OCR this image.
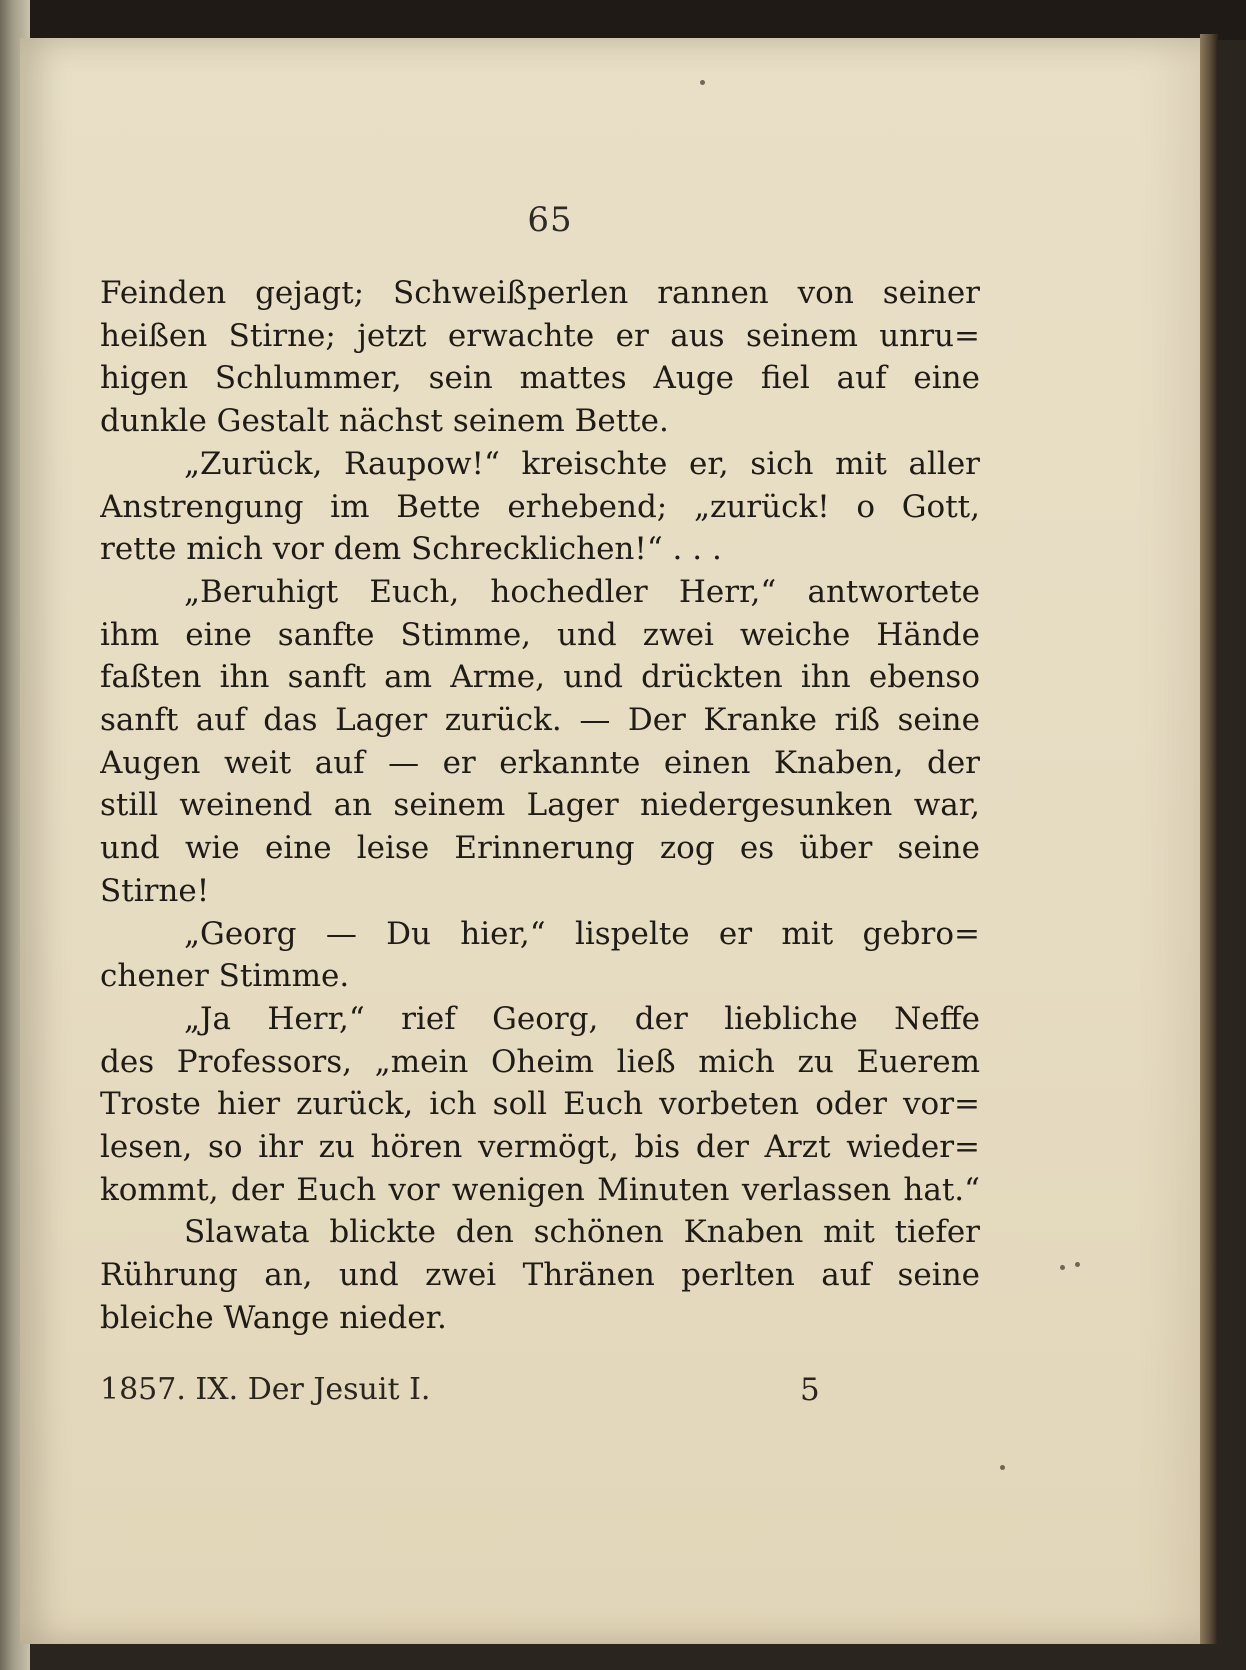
65
Feinden gejagt; Schweißperlen rannen von seiner
heißen Stirne; jetzt erwachte er aus seinem unru=
higen Schlummer, sein mattes Auge fiel auf eine
dunkle Gestalt nächst seinem Bette.
„Zurück, Raupow!“ kreischte er, sich mit aller
Anstrengung im Bette erhebend; „zurück! o Gott,
rette mich vor dem Schrecklichen!“ . . .
„Beruhigt Euch, hochedler Herr,“ antwortete
ihm eine sanfte Stimme, und zwei weiche Hände
faßten ihn sanft am Arme, und drückten ihn ebenso
sanft auf das Lager zurück. — Der Kranke riß seine
Augen weit auf — er erkannte einen Knaben, der
still weinend an seinem Lager niedergesunken war,
und wie eine leise Erinnerung zog es über seine
Stirne!
„Georg — Du hier,“ lispelte er mit gebro=
chener Stimme.
„Ja Herr,“ rief Georg, der liebliche Neffe
des Professors, „mein Oheim ließ mich zu Euerem
Troste hier zurück, ich soll Euch vorbeten oder vor=
lesen, so ihr zu hören vermögt, bis der Arzt wieder=
kommt, der Euch vor wenigen Minuten verlassen hat.“
Slawata blickte den schönen Knaben mit tiefer
Rührung an, und zwei Thränen perlten auf seine
bleiche Wange nieder.
1857. IX. Der Jesuit I.	5
